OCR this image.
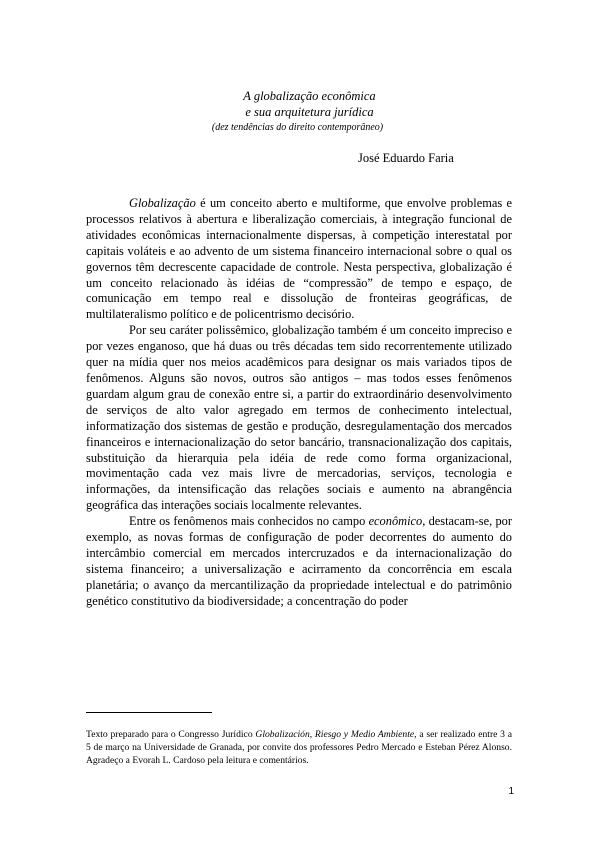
A globalização econômica
e sua arquitetura jurídica
(dez tendências do direito contemporâneo)
José Eduardo Faria

Globalização é um conceito aberto e multiforme, que envolve problemas e processos relativos à abertura e liberalização comerciais, à integração funcional de atividades econômicas internacionalmente dispersas, à competição interestatal por capitais voláteis e ao advento de um sistema financeiro internacional sobre o qual os governos têm decrescente capacidade de controle. Nesta perspectiva, globalização é um conceito relacionado às idéias de “compressão” de tempo e espaço, de comunicação em tempo real e dissolução de fronteiras geográficas, de multilateralismo político e de policentrismo decisório.

Por seu caráter polissêmico, globalização também é um conceito impreciso e por vezes enganoso, que há duas ou três décadas tem sido recorrentemente utilizado quer na mídia quer nos meios acadêmicos para designar os mais variados tipos de fenômenos. Alguns são novos, outros são antigos – mas todos esses fenômenos guardam algum grau de conexão entre si, a partir do extraordinário desenvolvimento de serviços de alto valor agregado em termos de conhecimento intelectual, informatização dos sistemas de gestão e produção, desregulamentação dos mercados financeiros e internacionalização do setor bancário, transnacionalização dos capitais, substituição da hierarquia pela idéia de rede como forma organizacional, movimentação cada vez mais livre de mercadorias, serviços, tecnologia e informações, da intensificação das relações sociais e aumento na abrangência geográfica das interações sociais localmente relevantes.

Entre os fenômenos mais conhecidos no campo econômico, destacam-se, por exemplo, as novas formas de configuração de poder decorrentes do aumento do intercâmbio comercial em mercados intercruzados e da internacionalização do sistema financeiro; a universalização e acirramento da concorrência em escala planetária; o avanço da mercantilização da propriedade intelectual e do patrimônio genético constitutivo da biodiversidade; a concentração do poder

Texto preparado para o Congresso Jurídico Globalización, Riesgo y Medio Ambiente, a ser realizado entre 3 a 5 de março na Universidade de Granada, por convite dos professores Pedro Mercado e Esteban Pérez Alonso. Agradeço a Evorah L. Cardoso pela leitura e comentários.
1
